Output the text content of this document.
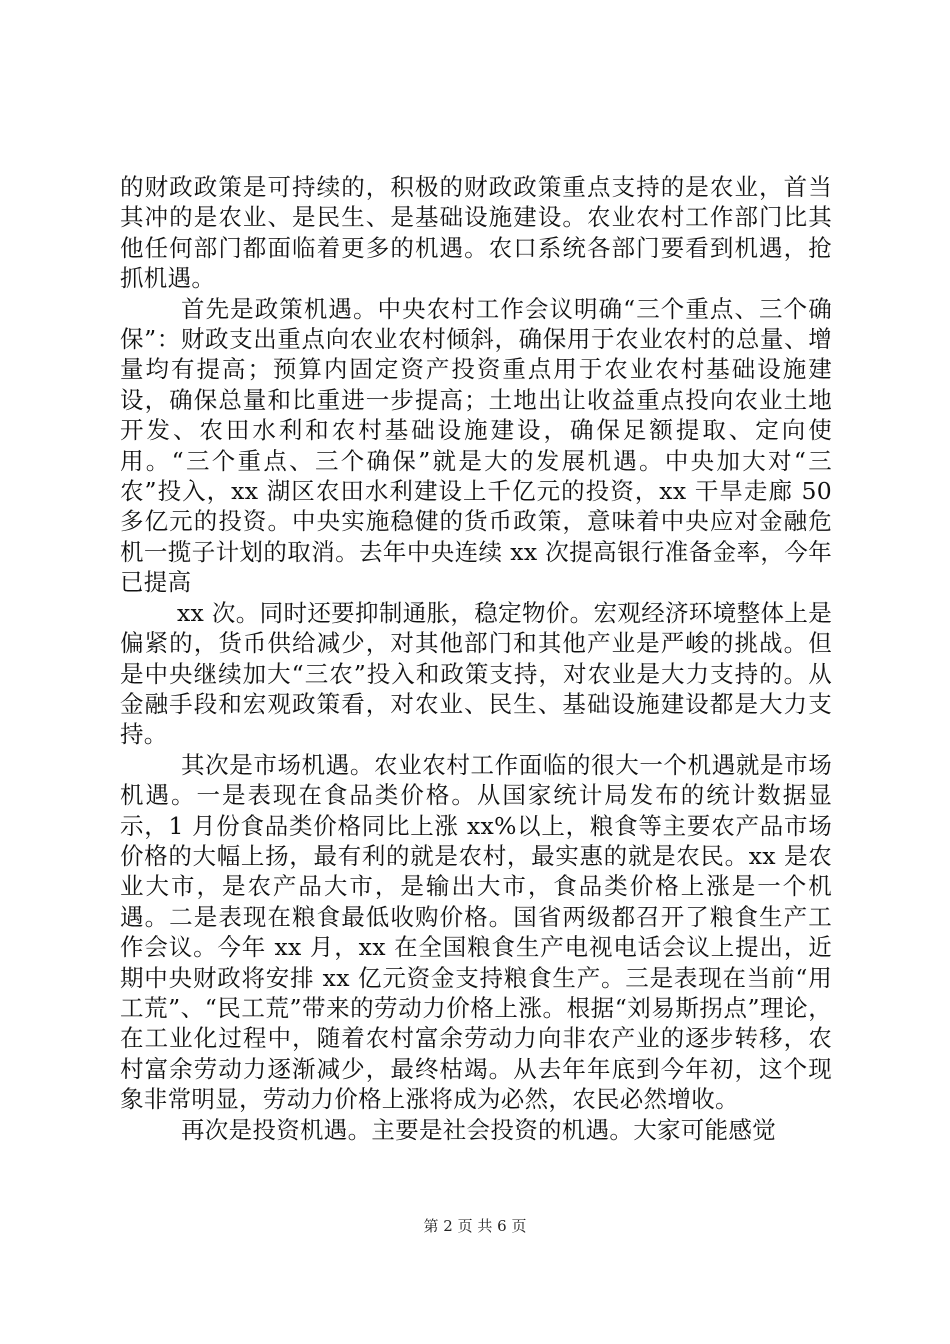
的财政政策是可持续的，积极的财政政策重点支持的是农业，首当其冲的是农业、是民生、是基础设施建设。农业农村工作部门比其他任何部门都面临着更多的机遇。农口系统各部门要看到机遇，抢抓机遇。

首先是政策机遇。中央农村工作会议明确“三个重点、三个确保”：财政支出重点向农业农村倾斜，确保用于农业农村的总量、增量均有提高；预算内固定资产投资重点用于农业农村基础设施建设，确保总量和比重进一步提高；土地出让收益重点投向农业土地开发、农田水利和农村基础设施建设，确保足额提取、定向使用。“三个重点、三个确保”就是大的发展机遇。中央加大对“三农”投入，xx 湖区农田水利建设上千亿元的投资，xx 干旱走廊 50 多亿元的投资。中央实施稳健的货币政策，意味着中央应对金融危机一揽子计划的取消。去年中央连续 xx 次提高银行准备金率，今年已提高

xx 次。同时还要抑制通胀，稳定物价。宏观经济环境整体上是偏紧的，货币供给减少，对其他部门和其他产业是严峻的挑战。但是中央继续加大“三农”投入和政策支持，对农业是大力支持的。从金融手段和宏观政策看，对农业、民生、基础设施建设都是大力支持。

其次是市场机遇。农业农村工作面临的很大一个机遇就是市场机遇。一是表现在食品类价格。从国家统计局发布的统计数据显示，1 月份食品类价格同比上涨 xx%以上，粮食等主要农产品市场价格的大幅上扬，最有利的就是农村，最实惠的就是农民。xx 是农业大市，是农产品大市，是输出大市，食品类价格上涨是一个机遇。二是表现在粮食最低收购价格。国省两级都召开了粮食生产工作会议。今年 xx 月，xx 在全国粮食生产电视电话会议上提出，近期中央财政将安排 xx 亿元资金支持粮食生产。三是表现在当前“用工荒”、“民工荒”带来的劳动力价格上涨。根据“刘易斯拐点”理论，在工业化过程中，随着农村富余劳动力向非农产业的逐步转移，农村富余劳动力逐渐减少，最终枯竭。从去年年底到今年初，这个现象非常明显，劳动力价格上涨将成为必然，农民必然增收。

再次是投资机遇。主要是社会投资的机遇。大家可能感觉

第 2 页 共 6 页
